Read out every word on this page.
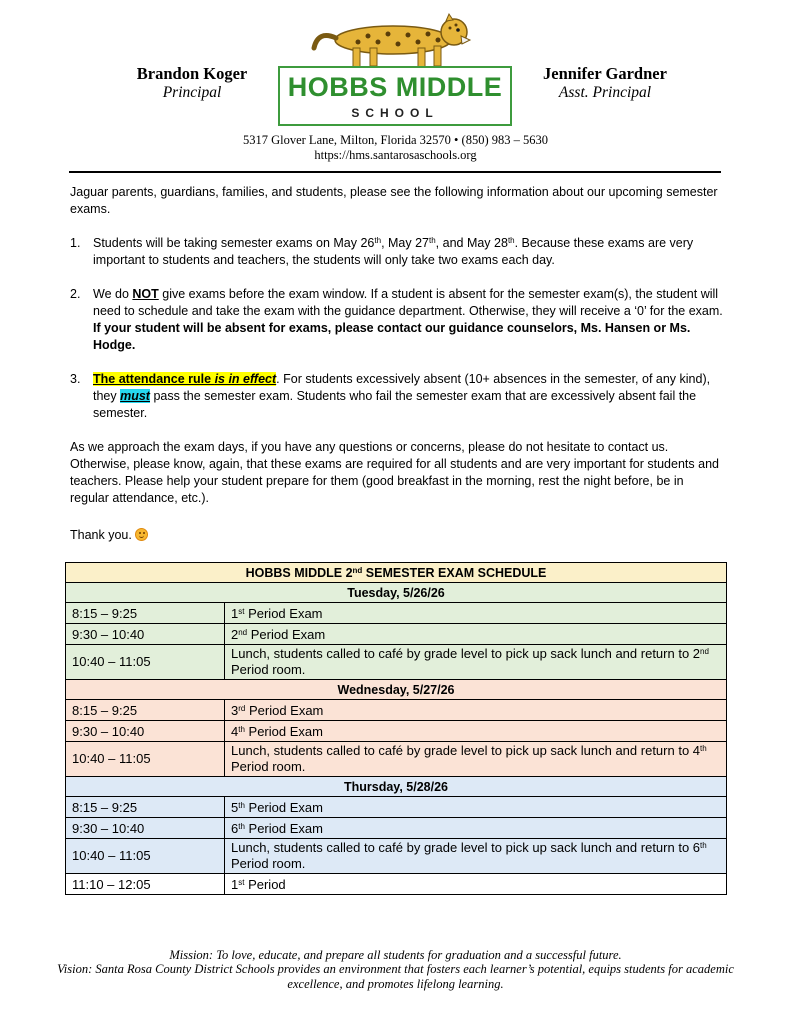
Brandon Koger
Principal	HOBBS MIDDLE
SCHOOL
Jennifer Gardner
Asst. Principal
5317 Glover Lane, Milton, Florida 32570 • (850) 983 – 5630
https://hms.santarosaschools.org
Jaguar parents, guardians, families, and students, please see the following information about our upcoming semester exams.
1. Students will be taking semester exams on May 26th, May 27th, and May 28th. Because these exams are very important to students and teachers, the students will only take two exams each day.
2. We do NOT give exams before the exam window. If a student is absent for the semester exam(s), the student will need to schedule and take the exam with the guidance department. Otherwise, they will receive a ‘0’ for the exam. If your student will be absent for exams, please contact our guidance counselors, Ms. Hansen or Ms. Hodge.
3. The attendance rule is in effect. For students excessively absent (10+ absences in the semester, of any kind), they must pass the semester exam. Students who fail the semester exam that are excessively absent fail the semester.
As we approach the exam days, if you have any questions or concerns, please do not hesitate to contact us. Otherwise, please know, again, that these exams are required for all students and are very important for students and teachers. Please help your student prepare for them (good breakfast in the morning, rest the night before, be in regular attendance, etc.).
Thank you.
HOBBS MIDDLE 2nd SEMESTER EXAM SCHEDULE	
Tuesday, 5/26/26	
8:15 – 9:25	1st Period Exam
9:30 – 10:40	2nd Period Exam
10:40 – 11:05	Lunch, students called to café by grade level to pick up sack lunch and return to 2nd Period room.
Wednesday, 5/27/26	
8:15 – 9:25	3rd Period Exam
9:30 – 10:40	4th Period Exam
10:40 – 11:05	Lunch, students called to café by grade level to pick up sack lunch and return to 4th Period room.
Thursday, 5/28/26	
8:15 – 9:25	5th Period Exam
9:30 – 10:40	6th Period Exam
10:40 – 11:05	Lunch, students called to café by grade level to pick up sack lunch and return to 6th Period room.
11:10 – 12:05	1st Period
Mission: To love, educate, and prepare all students for graduation and a successful future.
Vision: Santa Rosa County District Schools provides an environment that fosters each learner’s potential, equips students for academic excellence, and promotes lifelong learning.
